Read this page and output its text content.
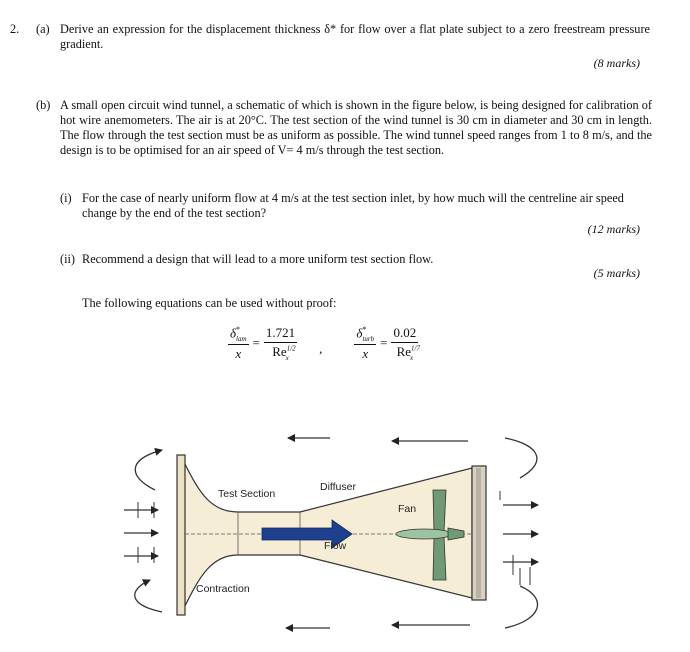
2. (a) Derive an expression for the displacement thickness δ* for flow over a flat plate subject to a zero freestream pressure gradient.
(8 marks)
(b) A small open circuit wind tunnel, a schematic of which is shown in the figure below, is being designed for calibration of hot wire anemometers. The air is at 20°C. The test section of the wind tunnel is 30 cm in diameter and 30 cm in length. The flow through the test section must be as uniform as possible. The wind tunnel speed ranges from 1 to 8 m/s, and the design is to be optimised for an air speed of V= 4 m/s through the test section.
(i) For the case of nearly uniform flow at 4 m/s at the test section inlet, by how much will the centreline air speed change by the end of the test section?
(12 marks)
(ii) Recommend a design that will lead to a more uniform test section flow.
(5 marks)
The following equations can be used without proof:
$\frac{\delta^*_{lam}}{x} = \frac{1.721}{Re^{1/2}_x}$ , $\frac{\delta^*_{turb}}{x} = \frac{0.02}{Re^{1/7}_x}$
Test Section
Diffuser
Fan
Flow
Contraction
